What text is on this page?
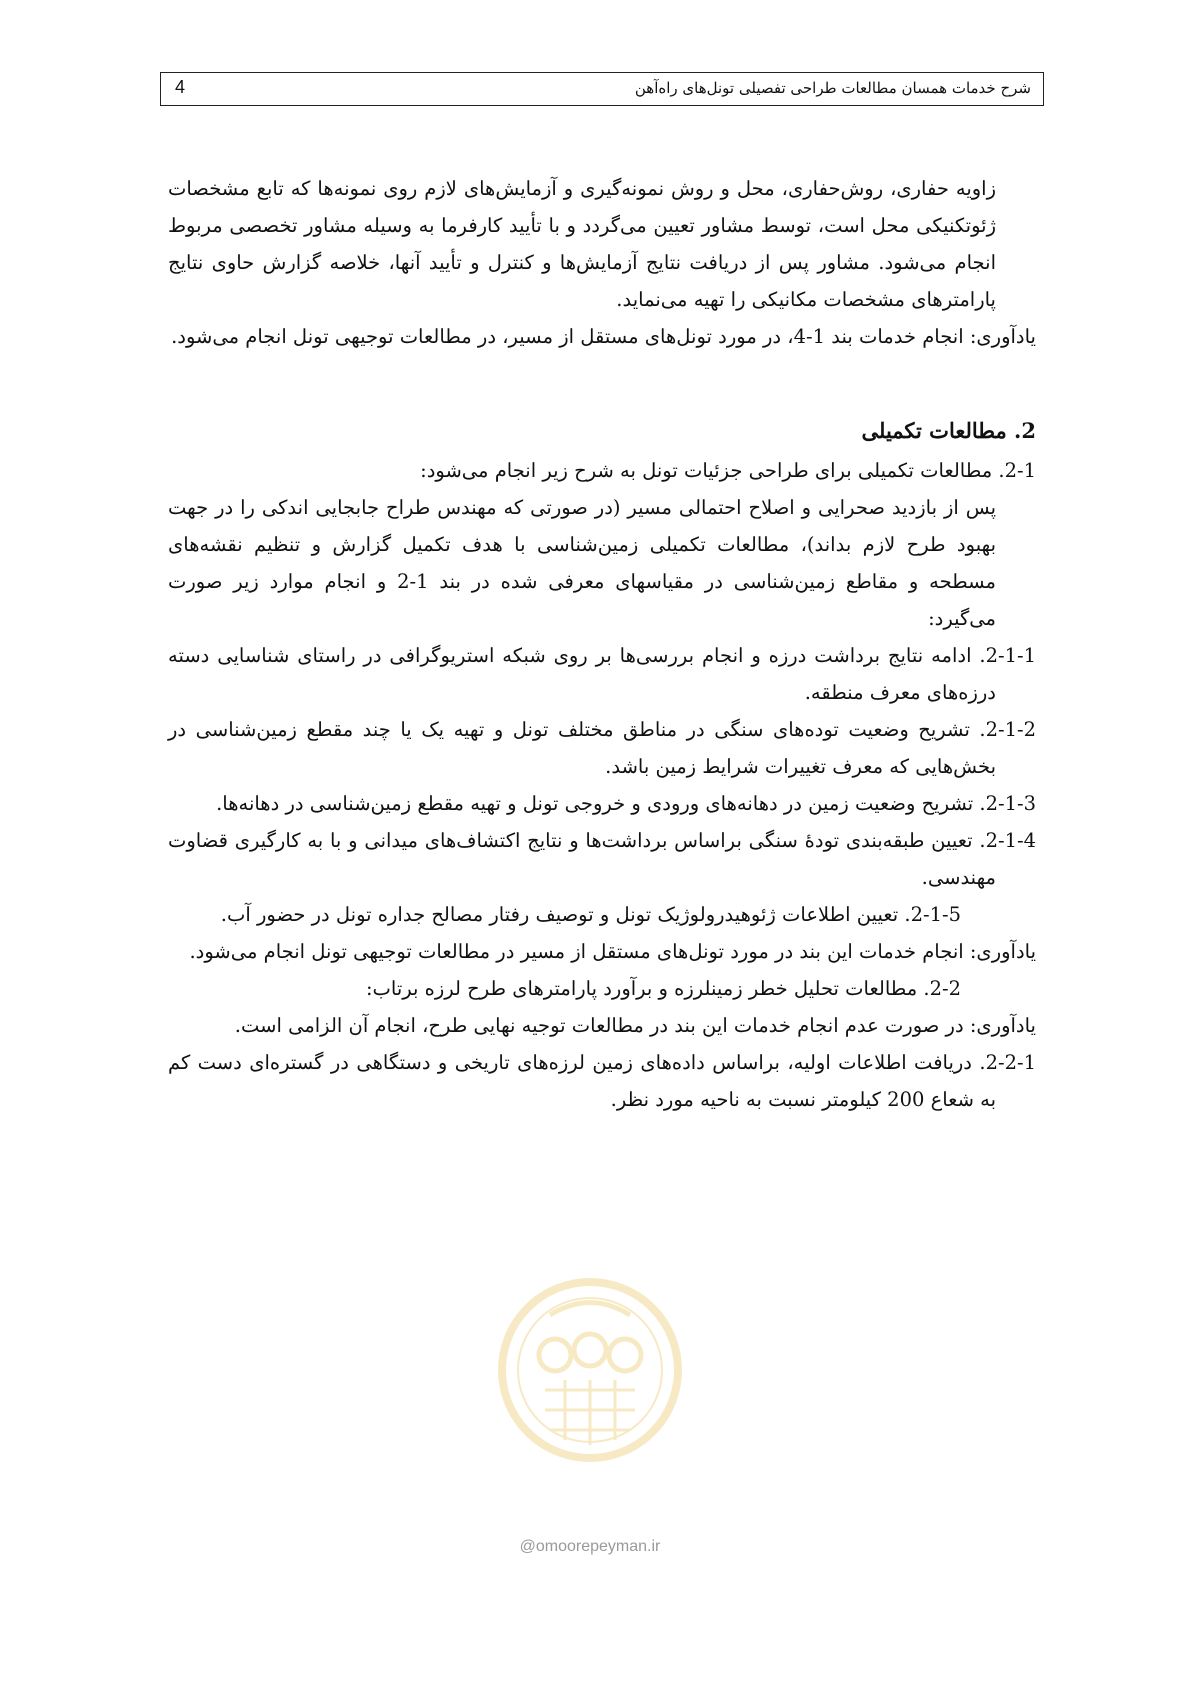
4	شرح خدمات همسان مطالعات طراحی تفصیلی تونل‌های راه‌آهن

زاویه حفاری، روش‌حفاری، محل و روش نمونه‌گیری و آزمایش‌های لازم روی نمونه‌ها که تابع مشخصات ژئوتکنیکی محل است، توسط مشاور تعیین می‌گردد و با تأیید کارفرما به وسیله مشاور تخصصی مربوط انجام می‌شود. مشاور پس از دریافت نتایج آزمایش‌ها و کنترل و تأیید آنها، خلاصه گزارش حاوی نتایج پارامترهای مشخصات مکانیکی را تهیه می‌نماید.

یادآوری: انجام خدمات بند 1-4، در مورد تونل‌های مستقل از مسیر، در مطالعات توجیهی تونل انجام می‌شود.

2. مطالعات تکمیلی

2-1. مطالعات تکمیلی برای طراحی جزئیات تونل به شرح زیر انجام می‌شود:

پس از بازدید صحرایی و اصلاح احتمالی مسیر (در صورتی که مهندس طراح جابجایی اندکی را در جهت بهبود طرح لازم بداند)، مطالعات تکمیلی زمین‌شناسی با هدف تکمیل گزارش و تنظیم نقشه‌های مسطحه و مقاطع زمین‌شناسی در مقیاسهای معرفی شده در بند 1-2 و انجام موارد زیر صورت می‌گیرد:

2-1-1. ادامه نتایج برداشت درزه و انجام بررسی‌ها بر روی شبکه استریوگرافی در راستای شناسایی دسته درزه‌های معرف منطقه.

2-1-2. تشریح وضعیت توده‌های سنگی در مناطق مختلف تونل و تهیه یک یا چند مقطع زمین‌شناسی در بخش‌هایی که معرف تغییرات شرایط زمین باشد.

2-1-3. تشریح وضعیت زمین در دهانه‌های ورودی و خروجی تونل و تهیه مقطع زمین‌شناسی در دهانه‌ها.

2-1-4. تعیین طبقه‌بندی تودهٔ سنگی براساس برداشت‌ها و نتایج اکتشاف‌های میدانی و با به کارگیری قضاوت مهندسی.

2-1-5. تعیین اطلاعات ژئوهیدرولوژیک تونل و توصیف رفتار مصالح جداره تونل در حضور آب.

یادآوری: انجام خدمات این بند در مورد تونل‌های مستقل از مسیر در مطالعات توجیهی تونل انجام می‌شود.

2-2. مطالعات تحلیل خطر زمینلرزه و برآورد پارامترهای طرح لرزه برتاب:

یادآوری: در صورت عدم انجام خدمات این بند در مطالعات توجیه نهایی طرح، انجام آن الزامی است.

2-2-1. دریافت اطلاعات اولیه، براساس داده‌های زمین لرزه‌های تاریخی و دستگاهی در گستره‌ای دست کم به شعاع 200 کیلومتر نسبت به ناحیه مورد نظر.

@omoorepeyman.ir
